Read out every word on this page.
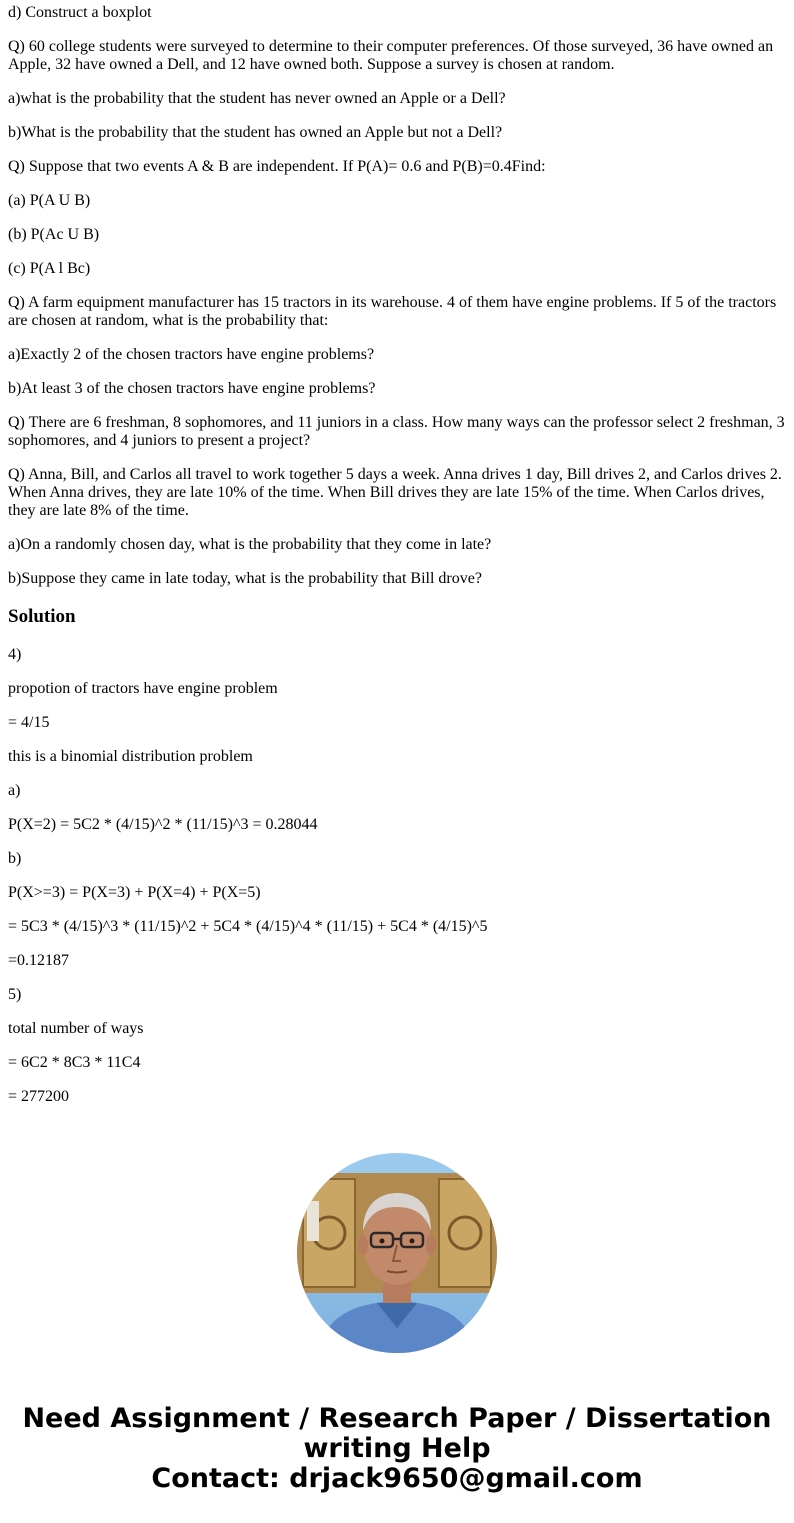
d) Construct a boxplot

Q) 60 college students were surveyed to determine to their computer preferences. Of those surveyed, 36 have owned an Apple, 32 have owned a Dell, and 12 have owned both. Suppose a survey is chosen at random.

a)what is the probability that the student has never owned an Apple or a Dell?

b)What is the probability that the student has owned an Apple but not a Dell?

Q) Suppose that two events A & B are independent. If P(A)= 0.6 and P(B)=0.4Find:

(a) P(A U B)

(b) P(Ac U B)

(c) P(A l Bc)

Q) A farm equipment manufacturer has 15 tractors in its warehouse. 4 of them have engine problems. If 5 of the tractors are chosen at random, what is the probability that:

a)Exactly 2 of the chosen tractors have engine problems?

b)At least 3 of the chosen tractors have engine problems?

Q) There are 6 freshman, 8 sophomores, and 11 juniors in a class. How many ways can the professor select 2 freshman, 3 sophomores, and 4 juniors to present a project?

Q) Anna, Bill, and Carlos all travel to work together 5 days a week. Anna drives 1 day, Bill drives 2, and Carlos drives 2. When Anna drives, they are late 10% of the time. When Bill drives they are late 15% of the time. When Carlos drives, they are late 8% of the time.

a)On a randomly chosen day, what is the probability that they come in late?

b)Suppose they came in late today, what is the probability that Bill drove?

Solution

4)

propotion of tractors have engine problem

= 4/15

this is a binomial distribution problem

a)

P(X=2) = 5C2 * (4/15)^2 * (11/15)^3 = 0.28044

b)

P(X>=3) = P(X=3) + P(X=4) + P(X=5)

= 5C3 * (4/15)^3 * (11/15)^2 + 5C4 * (4/15)^4 * (11/15) + 5C4 * (4/15)^5

=0.12187

5)

total number of ways

= 6C2 * 8C3 * 11C4

= 277200

Need Assignment / Research Paper / Dissertation
writing Help
Contact: drjack9650@gmail.com
